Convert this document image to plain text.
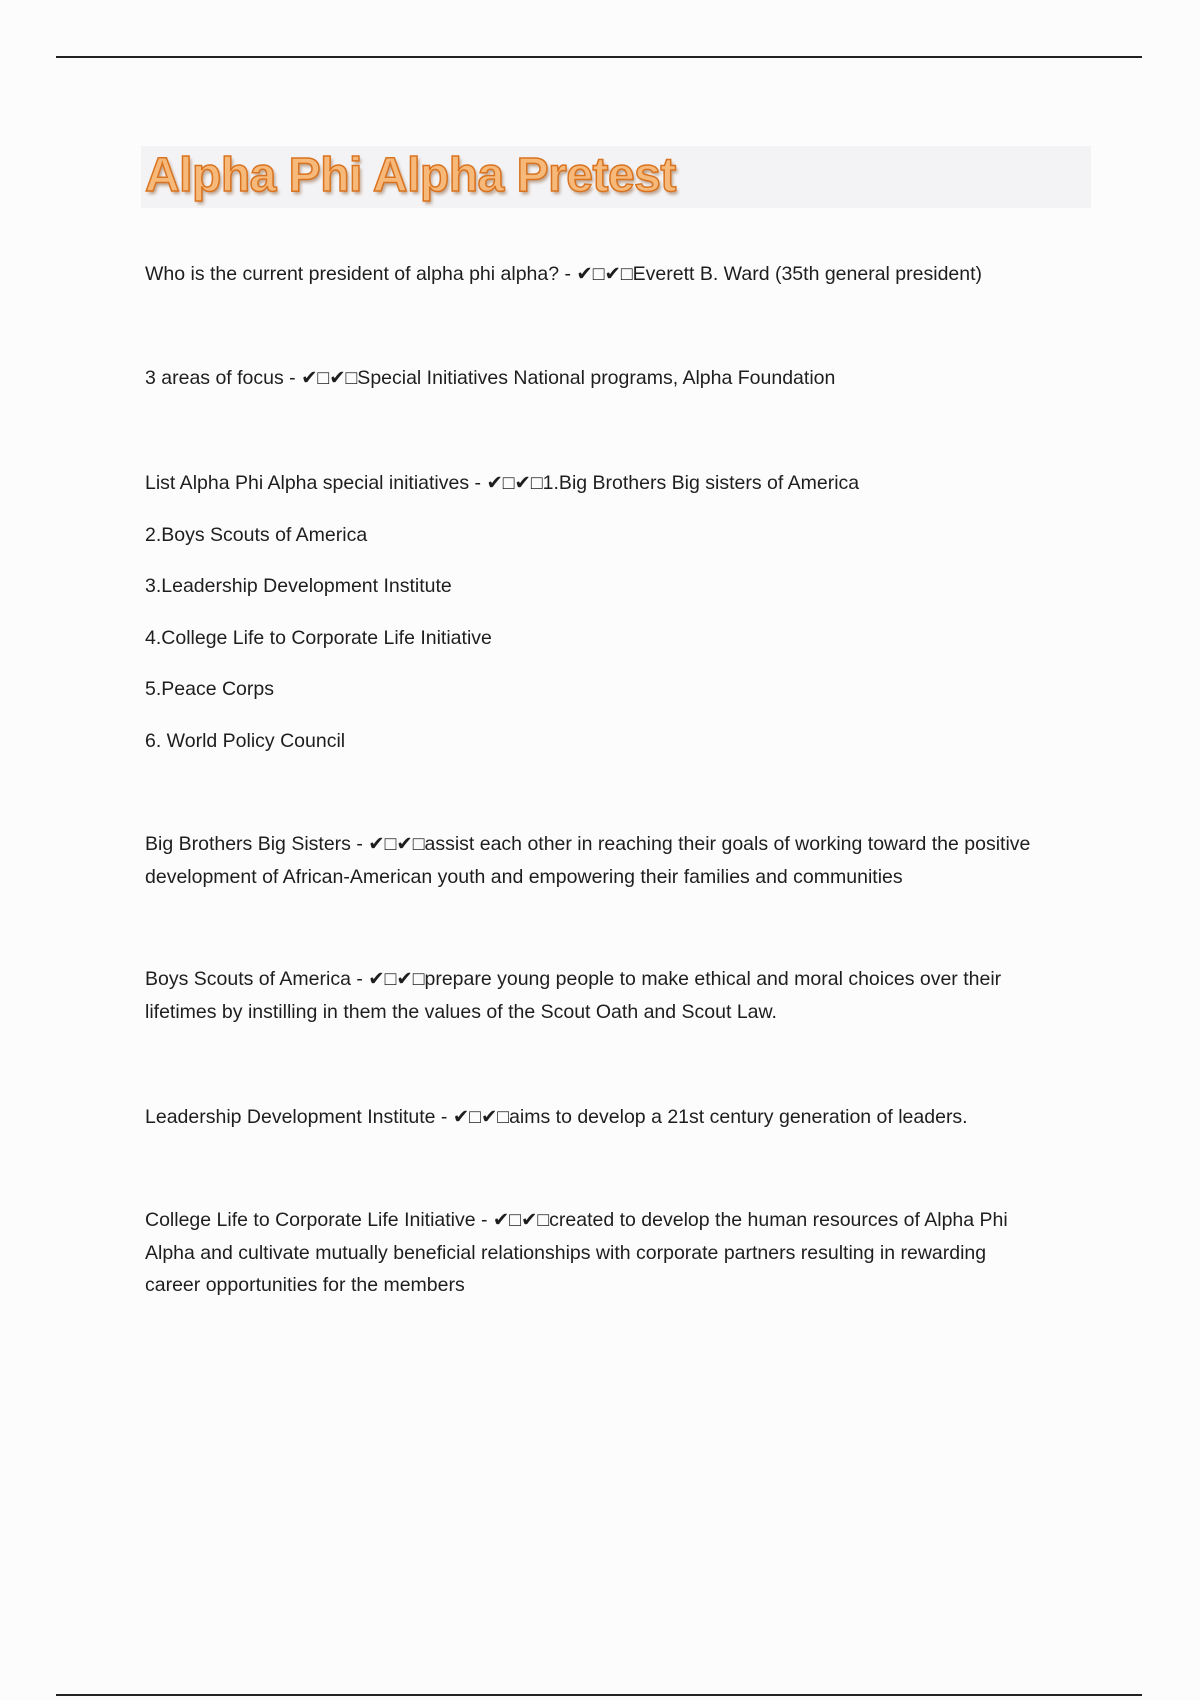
Alpha Phi Alpha Pretest
Who is the current president of alpha phi alpha? - ✔□✔□Everett B. Ward (35th general president)
3 areas of focus - ✔□✔□Special Initiatives National programs, Alpha Foundation
List Alpha Phi Alpha special initiatives - ✔□✔□1.Big Brothers Big sisters of America
2.Boys Scouts of America
3.Leadership Development Institute
4.College Life to Corporate Life Initiative
5.Peace Corps
6. World Policy Council
Big Brothers Big Sisters - ✔□✔□assist each other in reaching their goals of working toward the positive
development of African-American youth and empowering their families and communities
Boys Scouts of America - ✔□✔□prepare young people to make ethical and moral choices over their
lifetimes by instilling in them the values of the Scout Oath and Scout Law.
Leadership Development Institute - ✔□✔□aims to develop a 21st century generation of leaders.
College Life to Corporate Life Initiative - ✔□✔□created to develop the human resources of Alpha Phi
Alpha and cultivate mutually beneficial relationships with corporate partners resulting in rewarding
career opportunities for the members
